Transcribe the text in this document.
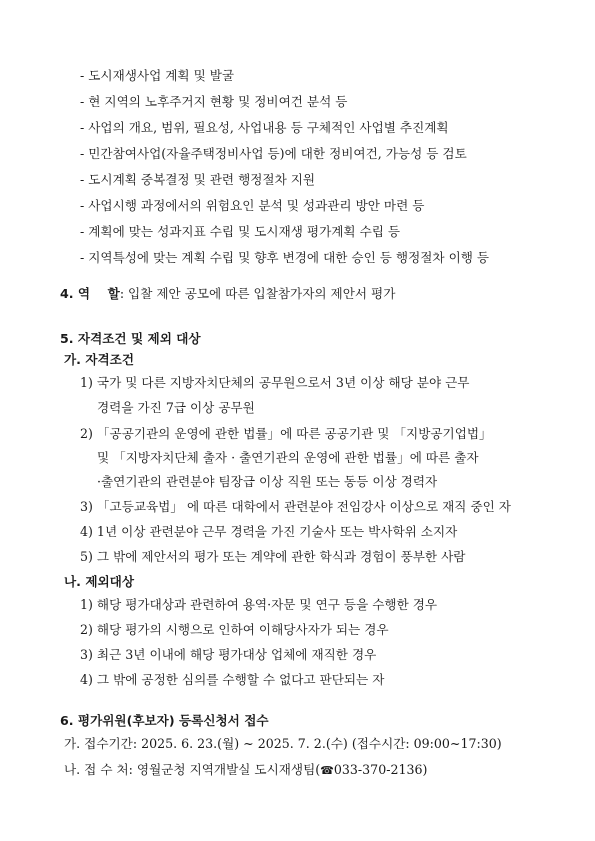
- 도시재생사업 계획 및 발굴
- 현 지역의 노후주거지 현황 및 정비여건 분석 등
- 사업의 개요, 범위, 필요성, 사업내용 등 구체적인 사업별 추진계획
- 민간참여사업(자율주택정비사업 등)에 대한 정비여건, 가능성 등 검토
- 도시계획 중복결정 및 관련 행정절차 지원
- 사업시행 과정에서의 위험요인 분석 및 성과관리 방안 마련 등
- 계획에 맞는 성과지표 수립 및 도시재생 평가계획 수립 등
- 지역특성에 맞는 계획 수립 및 향후 변경에 대한 승인 등 행정절차 이행 등
4. 역    할: 입찰 제안 공모에 따른 입찰참가자의 제안서 평가
5. 자격조건 및 제외 대상
가. 자격조건
1) 국가 및 다른 지방자치단체의 공무원으로서 3년 이상 해당 분야 근무
경력을 가진 7급 이상 공무원
2) 「공공기관의 운영에 관한 법률」에 따른 공공기관 및 「지방공기업법」
및 「지방자치단체 출자 · 출연기관의 운영에 관한 법률」에 따른 출자
·출연기관의 관련분야 팀장급 이상 직원 또는 동등 이상 경력자
3) 「고등교육법」 에 따른 대학에서 관련분야 전임강사 이상으로 재직 중인 자
4) 1년 이상 관련분야 근무 경력을 가진 기술사 또는 박사학위 소지자
5) 그 밖에 제안서의 평가 또는 계약에 관한 학식과 경험이 풍부한 사람
나. 제외대상
1) 해당 평가대상과 관련하여 용역·자문 및 연구 등을 수행한 경우
2) 해당 평가의 시행으로 인하여 이해당사자가 되는 경우
3) 최근 3년 이내에 해당 평가대상 업체에 재직한 경우
4) 그 밖에 공정한 심의를 수행할 수 없다고 판단되는 자
6. 평가위원(후보자) 등록신청서 접수
가. 접수기간: 2025. 6. 23.(월) ~ 2025. 7. 2.(수) (접수시간: 09:00~17:30)
나. 접 수 처: 영월군청 지역개발실 도시재생팀(☎033-370-2136)
